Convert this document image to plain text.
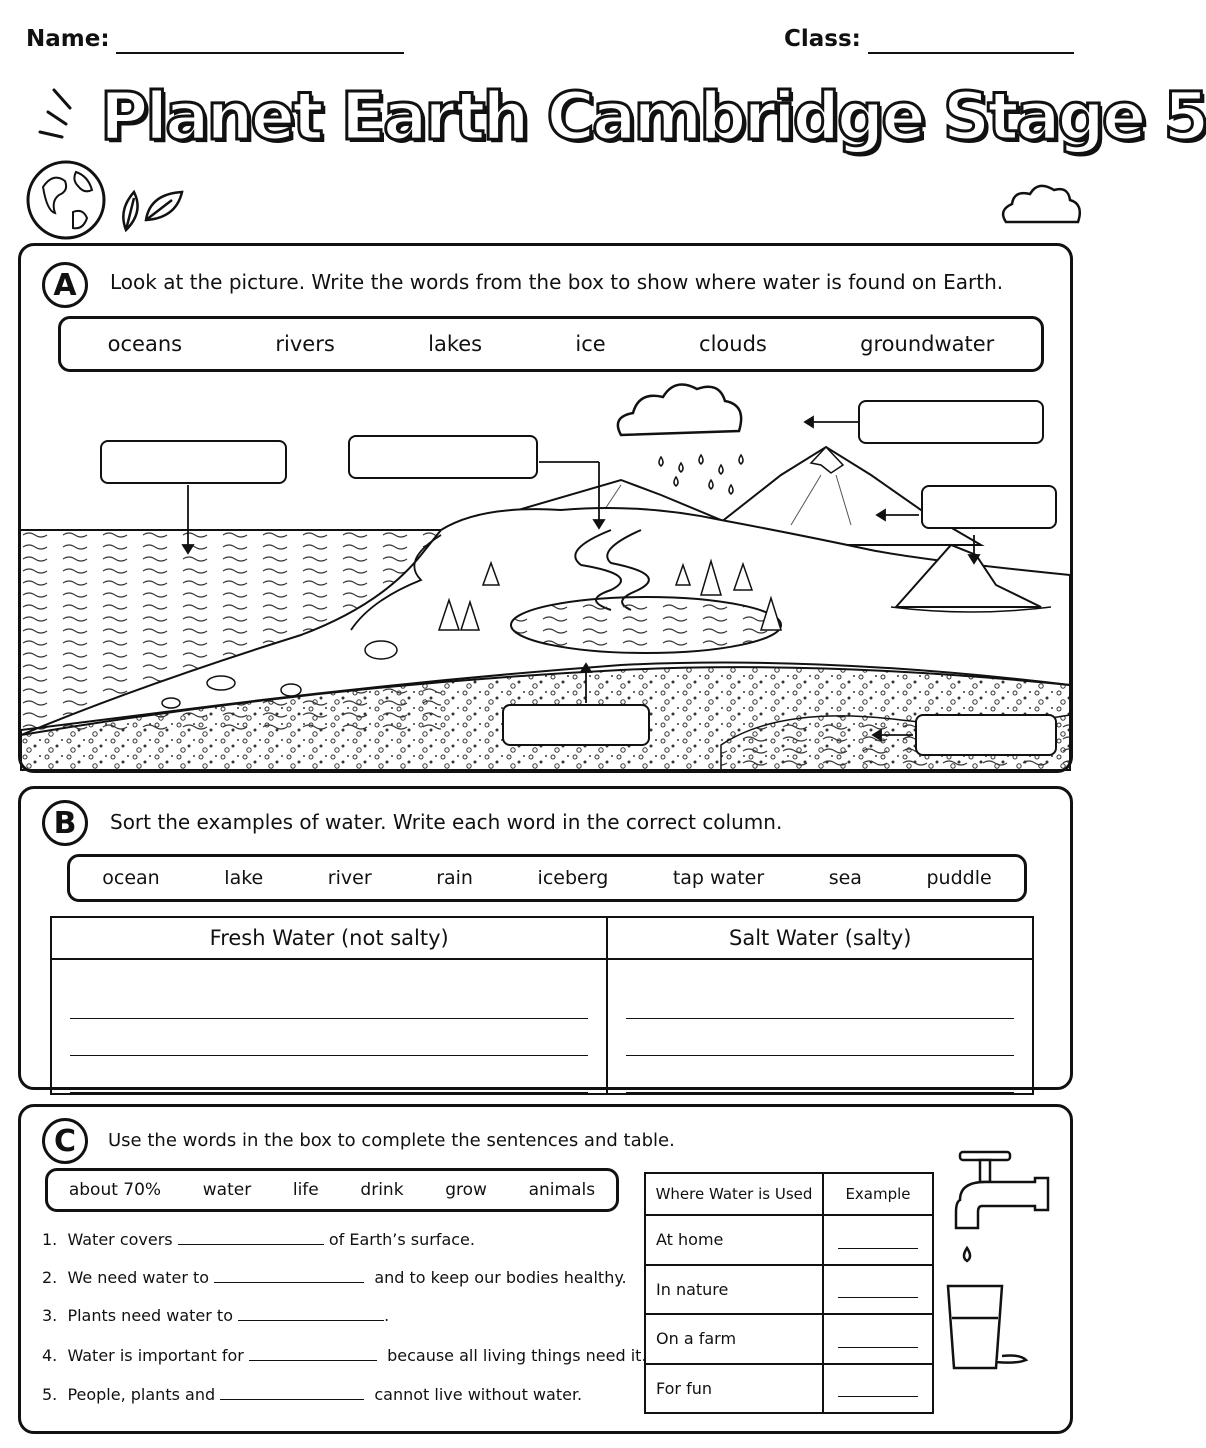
Name:	Class:
Planet Earth Cambridge Stage 5
A	Look at the picture. Write the words from the box to show where water is found on Earth.
oceans	rivers	lakes	ice	clouds	groundwater
B	Sort the examples of water. Write each word in the correct column.
ocean	lake	river	rain	iceberg	tap water	sea	puddle
Fresh Water (not salty)	Salt Water (salty)

C	Use the words in the box to complete the sentences and table.
about 70% water life drink grow animals
1. Water covers	of Earth’s surface.
2. We need water to	and to keep our bodies healthy.
3. Plants need water to	.
4. Water is important for	because all living things need it.
5. People, plants and	cannot live without water.
Where Water is Used	Example
At home	

In nature	

On a farm	

For fun	
